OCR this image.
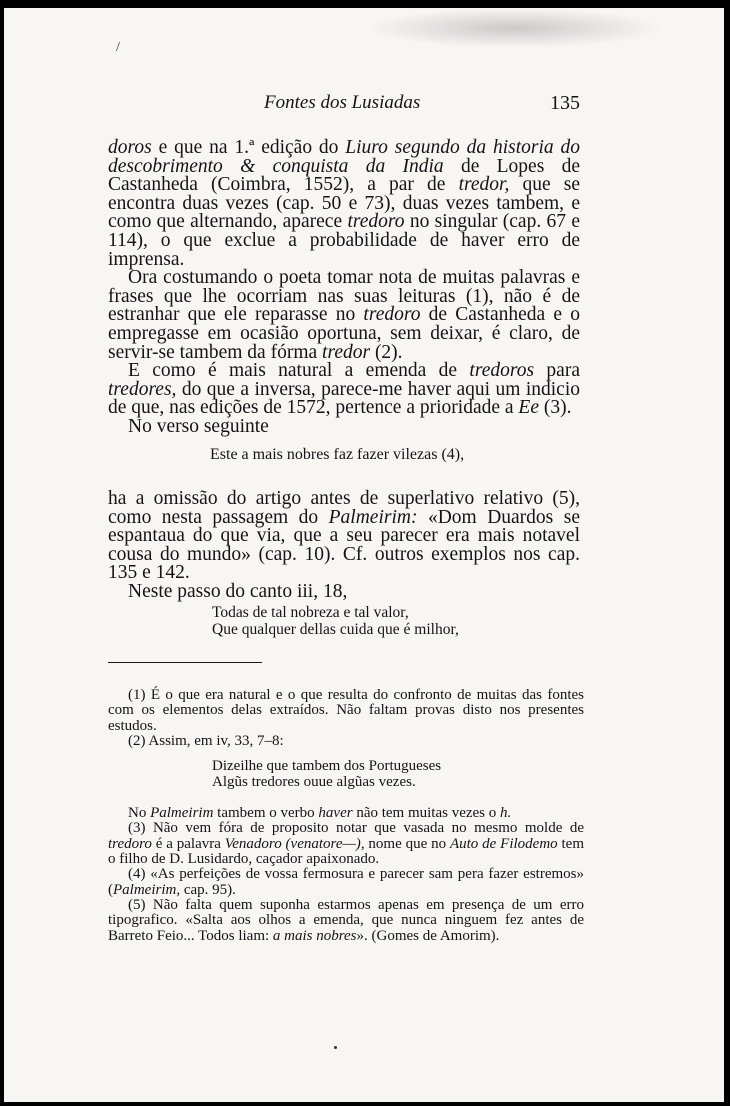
/
Fontes dos Lusiadas	135

doros e que na 1.ª edição do Liuro segundo da historia do descobrimento & conquista da India de Lopes de Castanheda (Coimbra, 1552), a par de tredor, que se encontra duas vezes (cap. 50 e 73), duas vezes tambem, e como que alternando, aparece tredoro no singular (cap. 67 e 114), o que exclue a probabilidade de haver erro de imprensa.

Ora costumando o poeta tomar nota de muitas palavras e frases que lhe ocorriam nas suas leituras (1), não é de estranhar que ele reparasse no tredoro de Castanheda e o empregasse em ocasião oportuna, sem deixar, é claro, de servir-se tambem da fórma tredor (2).

E como é mais natural a emenda de tredoros para tredores, do que a inversa, parece-me haver aqui um indicio de que, nas edições de 1572, pertence a prioridade a Ee (3).

No verso seguinte

Este a mais nobres faz fazer vilezas (4),

ha a omissão do artigo antes de superlativo relativo (5), como nesta passagem do Palmeirim: «Dom Duardos se espantaua do que via, que a seu parecer era mais notavel cousa do mundo» (cap. 10). Cf. outros exemplos nos cap. 135 e 142.

Neste passo do canto iii, 18,

Todas de tal nobreza e tal valor,
Que qualquer dellas cuida que é milhor,

(1) É o que era natural e o que resulta do confronto de muitas das fontes com os elementos delas extraídos. Não faltam provas disto nos presentes estudos.

(2) Assim, em iv, 33, 7–8:

Dizeilhe que tambem dos Portugueses
Algũs tredores ouue algũas vezes.

No Palmeirim tambem o verbo haver não tem muitas vezes o h.

(3) Não vem fóra de proposito notar que vasada no mesmo molde de tredoro é a palavra Venadoro (venatore—), nome que no Auto de Filodemo tem o filho de D. Lusidardo, caçador apaixonado.

(4) «As perfeições de vossa fermosura e parecer sam pera fazer estremos» (Palmeirim, cap. 95).

(5) Não falta quem suponha estarmos apenas em presença de um erro tipografico. «Salta aos olhos a emenda, que nunca ninguem fez antes de Barreto Feio... Todos liam: a mais nobres». (Gomes de Amorim).
